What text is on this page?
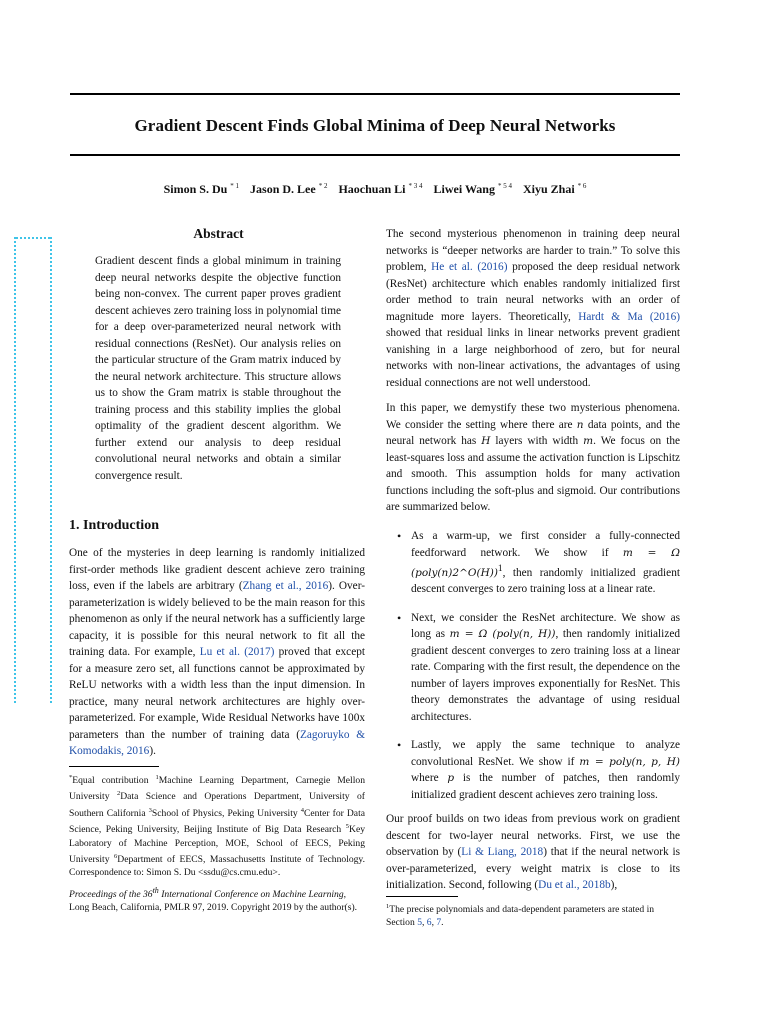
Gradient Descent Finds Global Minima of Deep Neural Networks
Simon S. Du $^{* 1}$ Jason D. Lee $^{* 2}$ Haochuan Li $^{* 3 4}$ Liwei Wang $^{* 5 4}$ Xiyu Zhai $^{* 6}$
Abstract

Gradient descent finds a global minimum in training deep neural networks despite the objective function being non-convex. The current paper proves gradient descent achieves zero training loss in polynomial time for a deep over-parameterized neural network with residual connections (ResNet). Our analysis relies on the particular structure of the Gram matrix induced by the neural network architecture. This structure allows us to show the Gram matrix is stable throughout the training process and this stability implies the global optimality of the gradient descent algorithm. We further extend our analysis to deep residual convolutional neural networks and obtain a similar convergence result.

1. Introduction

One of the mysteries in deep learning is randomly initialized first-order methods like gradient descent achieve zero training loss, even if the labels are arbitrary (Zhang et al., 2016). Over-parameterization is widely believed to be the main reason for this phenomenon as only if the neural network has a sufficiently large capacity, it is possible for this neural network to fit all the training data. For example, Lu et al. (2017) proved that except for a measure zero set, all functions cannot be approximated by ReLU networks with a width less than the input dimension. In practice, many neural network architectures are highly over-parameterized. For example, Wide Residual Networks have 100x parameters than the number of training data (Zagoruyko & Komodakis, 2016).

*Equal contribution $^1$Machine Learning Department, Carnegie Mellon University $^2$Data Science and Operations Department, University of Southern California $^3$School of Physics, Peking University $^4$Center for Data Science, Peking University, Beijing Institute of Big Data Research $^5$Key Laboratory of Machine Perception, MOE, School of EECS, Peking University $^6$Department of EECS, Massachusetts Institute of Technology. Correspondence to: Simon S. Du <ssdu@cs.cmu.edu>.
Proceedings of the 36th International Conference on Machine Learning, Long Beach, California, PMLR 97, 2019. Copyright 2019 by the author(s).

The second mysterious phenomenon in training deep neural networks is “deeper networks are harder to train.” To solve this problem, He et al. (2016) proposed the deep residual network (ResNet) architecture which enables randomly initialized first order method to train neural networks with an order of magnitude more layers. Theoretically, Hardt & Ma (2016) showed that residual links in linear networks prevent gradient vanishing in a large neighborhood of zero, but for neural networks with non-linear activations, the advantages of using residual connections are not well understood.

In this paper, we demystify these two mysterious phenomena. We consider the setting where there are n data points, and the neural network has H layers with width m. We focus on the least-squares loss and assume the activation function is Lipschitz and smooth. This assumption holds for many activation functions including the soft-plus and sigmoid. Our contributions are summarized below.

• As a warm-up, we first consider a fully-connected feedforward network. We show if m = Ω (poly(n)2^O(H))$^1$, then randomly initialized gradient descent converges to zero training loss at a linear rate.
• Next, we consider the ResNet architecture. We show as long as m = Ω (poly(n, H)), then randomly initialized gradient descent converges to zero training loss at a linear rate. Comparing with the first result, the dependence on the number of layers improves exponentially for ResNet. This theory demonstrates the advantage of using residual architectures.
• Lastly, we apply the same technique to analyze convolutional ResNet. We show if m = poly(n, p, H) where p is the number of patches, then randomly initialized gradient descent achieves zero training loss.

Our proof builds on two ideas from previous work on gradient descent for two-layer neural networks. First, we use the observation by (Li & Liang, 2018) that if the neural network is over-parameterized, every weight matrix is close to its initialization. Second, following (Du et al., 2018b),

$^1$The precise polynomials and data-dependent parameters are stated in Section 5, 6, 7.
